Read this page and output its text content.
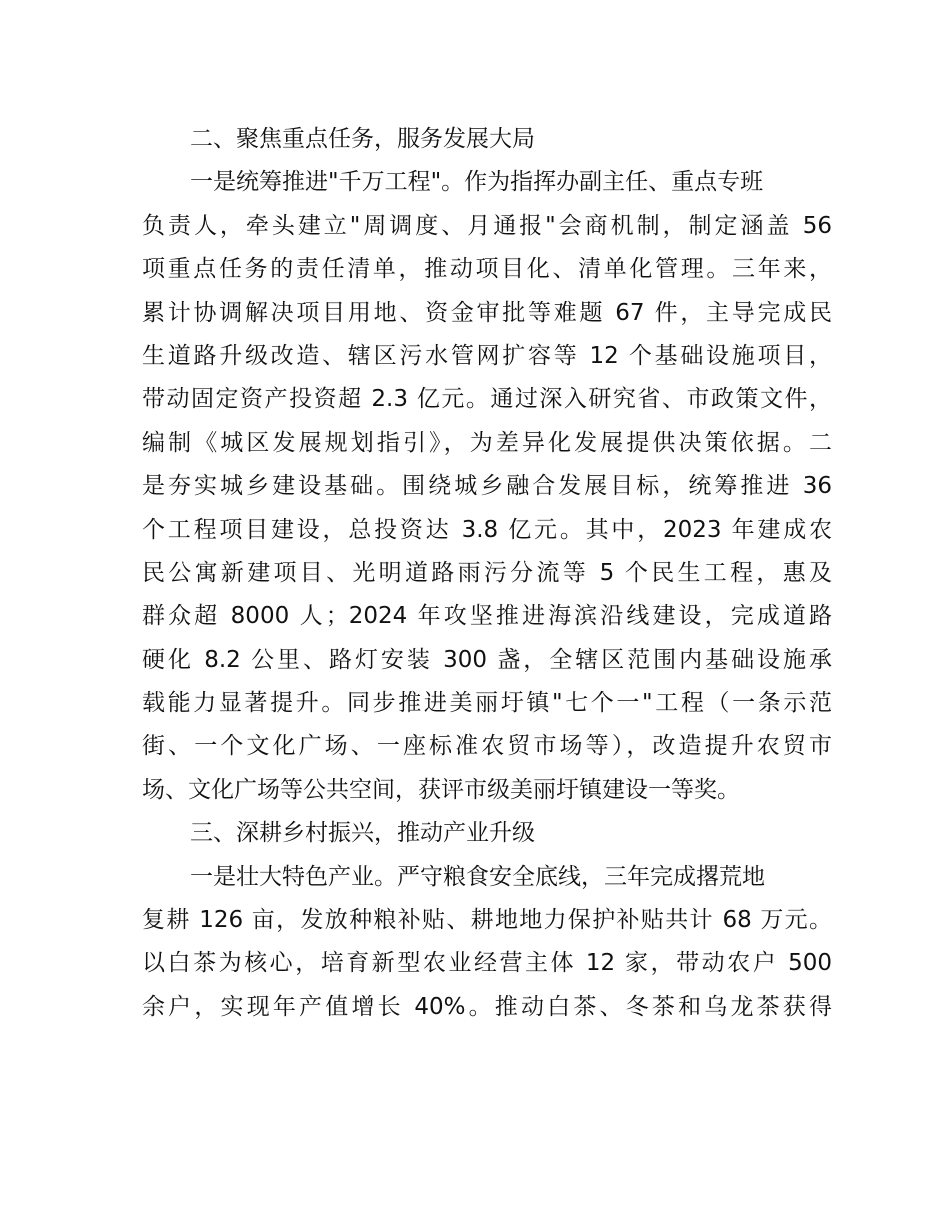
二、聚焦重点任务，服务发展大局
一是统筹推进"千万工程"。作为指挥办副主任、重点专班
负责人，牵头建立"周调度、月通报"会商机制，制定涵盖 56
项重点任务的责任清单，推动项目化、清单化管理。三年来，
累计协调解决项目用地、资金审批等难题 67 件，主导完成民
生道路升级改造、辖区污水管网扩容等 12 个基础设施项目，
带动固定资产投资超 2.3 亿元。通过深入研究省、市政策文件，
编制《城区发展规划指引》，为差异化发展提供决策依据。二
是夯实城乡建设基础。围绕城乡融合发展目标，统筹推进 36
个工程项目建设，总投资达 3.8 亿元。其中，2023 年建成农
民公寓新建项目、光明道路雨污分流等 5 个民生工程，惠及
群众超 8000 人；2024 年攻坚推进海滨沿线建设，完成道路
硬化 8.2 公里、路灯安装 300 盏，全辖区范围内基础设施承
载能力显著提升。同步推进美丽圩镇"七个一"工程（一条示范
街、一个文化广场、一座标准农贸市场等），改造提升农贸市
场、文化广场等公共空间，获评市级美丽圩镇建设一等奖。
三、深耕乡村振兴，推动产业升级
一是壮大特色产业。严守粮食安全底线，三年完成撂荒地
复耕 126 亩，发放种粮补贴、耕地地力保护补贴共计 68 万元。
以白茶为核心，培育新型农业经营主体 12 家，带动农户 500
余户，实现年产值增长 40%。推动白茶、冬茶和乌龙茶获得
